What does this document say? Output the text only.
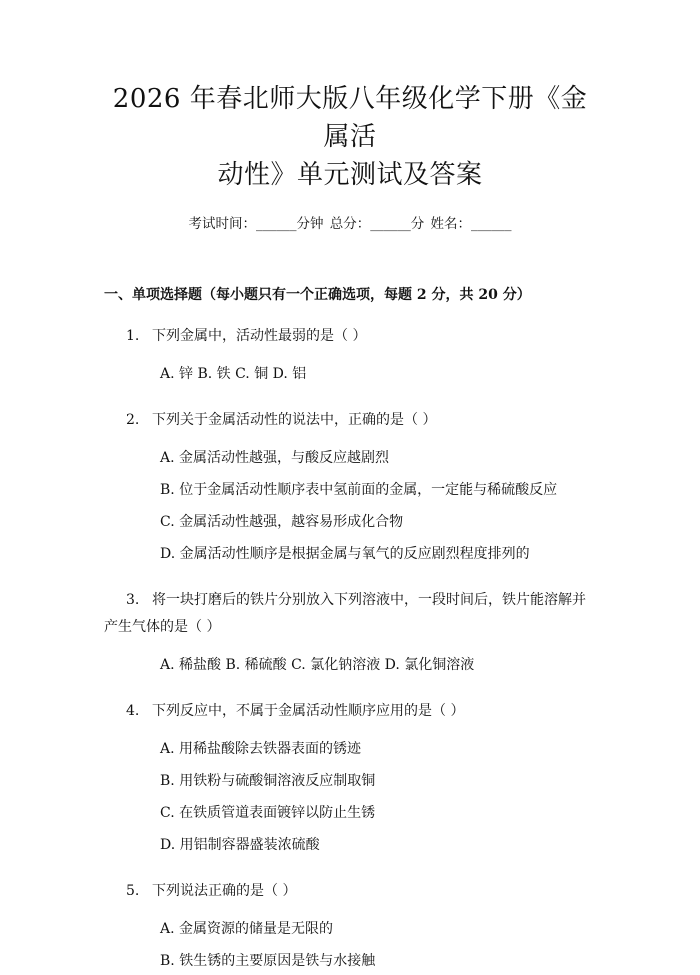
2026 年春北师大版八年级化学下册《金属活
动性》单元测试及答案
考试时间：______分钟 总分：______分 姓名：______
一、单项选择题（每小题只有一个正确选项，每题 2 分，共 20 分）
1. 下列金属中，活动性最弱的是（ ）
A. 锌 B. 铁 C. 铜 D. 铝
2. 下列关于金属活动性的说法中，正确的是（ ）
A. 金属活动性越强，与酸反应越剧烈
B. 位于金属活动性顺序表中氢前面的金属，一定能与稀硫酸反应
C. 金属活动性越强，越容易形成化合物
D. 金属活动性顺序是根据金属与氧气的反应剧烈程度排列的
3. 将一块打磨后的铁片分别放入下列溶液中，一段时间后，铁片能溶解并产生气体的是（ ）
A. 稀盐酸 B. 稀硫酸 C. 氯化钠溶液 D. 氯化铜溶液
4. 下列反应中，不属于金属活动性顺序应用的是（ ）
A. 用稀盐酸除去铁器表面的锈迹
B. 用铁粉与硫酸铜溶液反应制取铜
C. 在铁质管道表面镀锌以防止生锈
D. 用铝制容器盛装浓硫酸
5. 下列说法正确的是（ ）
A. 金属资源的储量是无限的
B. 铁生锈的主要原因是铁与水接触
